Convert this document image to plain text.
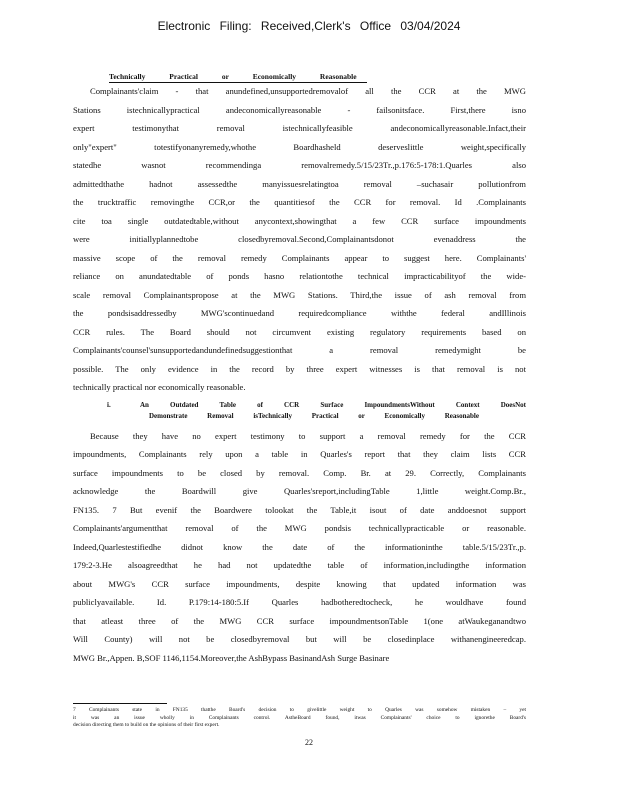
Electronic Filing: Received,Clerk's Office 03/04/2024
Technically Practical or Economically Reasonable
Complainants'claim - that anundefined,unsupportedremovalof all the CCR at the MWG
Stations istechnicallypractical andeconomicallyreasonable - failsonitsface. First,there isno
expert testimonythat removal istechnicallyfeasible andeconomicallyreasonable.Infact,their
only"expert" totestifyonanyremedy,whothe Boardhasheld deserveslittle weight,specifically
statedhe wasnot recommendinga removalremedy.5/15/23Tr.,p.176:5-178:1.Quarles also
admittedthathe hadnot assessedthe manyissuesrelatingtoa removal –suchasair pollutionfrom
the trucktraffic removingthe CCR,or the quantitiesof the CCR for removal. Id .Complainants
cite toa single outdatedtable,without anycontext,showingthat a few CCR surface impoundments
were initiallyplannedtobe closedbyremoval.Second,Complainantsdonot evenaddress the
massive scope of the removal remedy Complainants appear to suggest here. Complainants'
reliance on anundatedtable of ponds hasno relationtothe technical impracticabilityof the wide-
scale removal Complainantspropose at the MWG Stations. Third,the issue of ash removal from
the pondsisaddressedby MWG'scontinuedand requiredcompliance withthe federal andIllinois
CCR rules. The Board should not circumvent existing regulatory requirements based on
Complainants'counsel'sunsupportedandundefinedsuggestionthat a removal remedymight be
possible. The only evidence in the record by three expert witnesses is that removal is not
technically practical nor economically reasonable.
i.	An Outdated Table of CCR Surface ImpoundmentsWithout Context DoesNot
Demonstrate Removal isTechnically Practical or Economically Reasonable
Because they have no expert testimony to support a removal remedy for the CCR
impoundments, Complainants rely upon a table in Quarles's report that they claim lists CCR
surface impoundments to be closed by removal. Comp. Br. at 29. Correctly, Complainants
acknowledge the Boardwill give Quarles'sreport,includingTable 1,little weight.Comp.Br.,
FN135. 7 But evenif the Boardwere tolookat the Table,it isout of date anddoesnot support
Complainants'argumentthat removal of the MWG pondsis technicallypracticable or reasonable.
Indeed,Quarlestestifiedhe didnot know the date of the informationinthe table.5/15/23Tr.,p.
179:2-3.He alsoagreedthat he had not updatedthe table of information,includingthe information
about MWG's CCR surface impoundments, despite knowing that updated information was
publiclyavailable. Id. P.179:14-180:5.If Quarles hadbotheredtocheck, he wouldhave found
that atleast three of the MWG CCR surface impoundmentsonTable 1(one atWaukeganandtwo
Will County) will not be closedbyremoval but will be closedinplace withanengineeredcap.
MWG Br.,Appen. B,SOF 1146,1154.Moreover,the AshBypass BasinandAsh Surge Basinare
7 Complainants state in FN135 thatthe Board's decision to givelittle weight to Quarles was somehow mistaken – yet
it was an issue wholly in Complainants control. AstheBoard found, itwas Complainants' choice to ignorethe Board's
decision directing them to build on the opinions of their first expert.
22
